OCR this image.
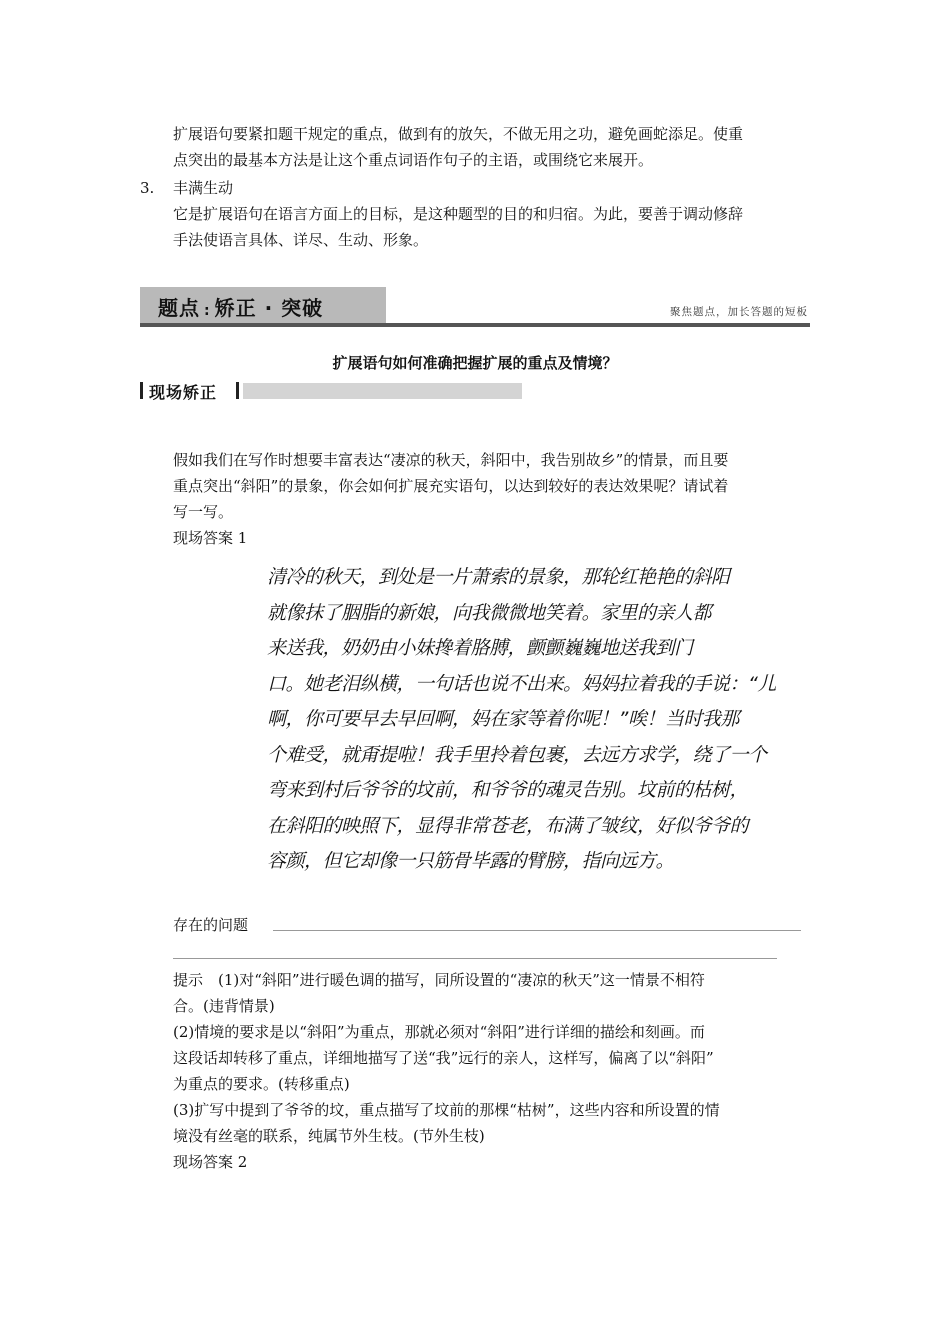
扩展语句要紧扣题干规定的重点，做到有的放矢，不做无用之功，避免画蛇添足。使重
点突出的最基本方法是让这个重点词语作句子的主语，或围绕它来展开。
3. 丰满生动
它是扩展语句在语言方面上的目标，是这种题型的目的和归宿。为此，要善于调动修辞
手法使语言具体、详尽、生动、形象。
题点 : 矫正 · 突破	聚焦题点，加长答题的短板
扩展语句如何准确把握扩展的重点及情境？
现场矫正
假如我们在写作时想要丰富表达“凄凉的秋天，斜阳中，我告别故乡”的情景，而且要
重点突出“斜阳”的景象，你会如何扩展充实语句，以达到较好的表达效果呢？请试着
写一写。
现场答案 1
清冷的秋天，到处是一片萧索的景象，那轮红艳艳的斜阳
就像抹了胭脂的新娘，向我微微地笑着。家里的亲人都
来送我，奶奶由小妹搀着胳膊，颤颤巍巍地送我到门
口。她老泪纵横，一句话也说不出来。妈妈拉着我的手说：“儿
啊，你可要早去早回啊，妈在家等着你呢！”唉！当时我那
个难受，就甭提啦！我手里拎着包裹，去远方求学，绕了一个
弯来到村后爷爷的坟前，和爷爷的魂灵告别。坟前的枯树，
在斜阳的映照下，显得非常苍老，布满了皱纹，好似爷爷的
容颜，但它却像一只筋骨毕露的臂膀，指向远方。
存在的问题
提示　(1)对“斜阳”进行暖色调的描写，同所设置的“凄凉的秋天”这一情景不相符
合。(违背情景)
(2)情境的要求是以“斜阳”为重点，那就必须对“斜阳”进行详细的描绘和刻画。而
这段话却转移了重点，详细地描写了送“我”远行的亲人，这样写，偏离了以“斜阳”
为重点的要求。(转移重点)
(3)扩写中提到了爷爷的坟，重点描写了坟前的那棵“枯树”，这些内容和所设置的情
境没有丝毫的联系，纯属节外生枝。(节外生枝)
现场答案 2
